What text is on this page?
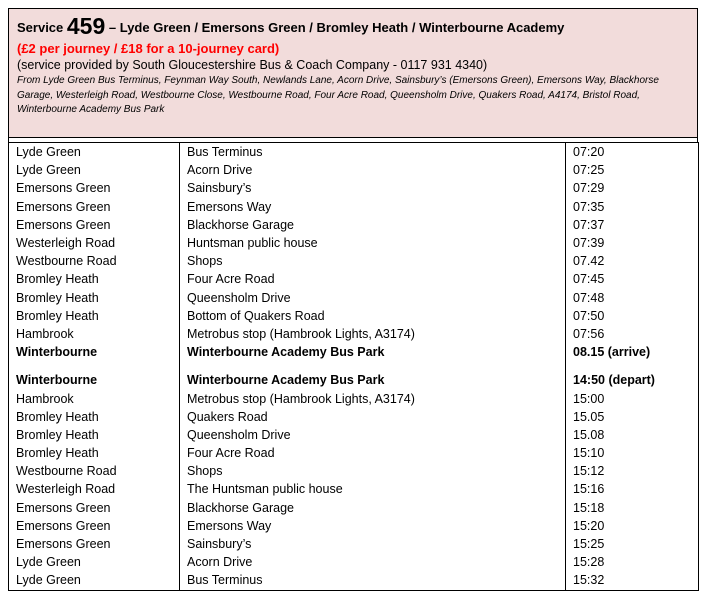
Service 459 – Lyde Green / Emersons Green / Bromley Heath / Winterbourne Academy
(£2 per journey / £18 for a 10-journey card)
(service provided by South Gloucestershire Bus & Coach Company - 0117 931 4340)
From Lyde Green Bus Terminus, Feynman Way South, Newlands Lane, Acorn Drive, Sainsbury’s (Emersons Green), Emersons Way, Blackhorse Garage, Westerleigh Road, Westbourne Close, Westbourne Road, Four Acre Road, Queensholm Drive, Quakers Road, A4174, Bristol Road, Winterbourne Academy Bus Park
Lyde Green	Bus Terminus	07:20
Lyde Green	Acorn Drive	07:25
Emersons Green	Sainsbury’s	07:29
Emersons Green	Emersons Way	07:35
Emersons Green	Blackhorse Garage	07:37
Westerleigh Road	Huntsman public house	07:39
Westbourne Road	Shops	07.42
Bromley Heath	Four Acre Road	07:45
Bromley Heath	Queensholm Drive	07:48
Bromley Heath	Bottom of Quakers Road	07:50
Hambrook	Metrobus stop (Hambrook Lights, A3174)	07:56
Winterbourne	Winterbourne Academy Bus Park	08.15 (arrive)

Winterbourne	Winterbourne Academy Bus Park	14:50 (depart)
Hambrook	Metrobus stop (Hambrook Lights, A3174)	15:00
Bromley Heath	Quakers Road	15.05
Bromley Heath	Queensholm Drive	15.08
Bromley Heath	Four Acre Road	15:10
Westbourne Road	Shops	15:12
Westerleigh Road	The Huntsman public house	15:16
Emersons Green	Blackhorse Garage	15:18
Emersons Green	Emersons Way	15:20
Emersons Green	Sainsbury’s	15:25
Lyde Green	Acorn Drive	15:28
Lyde Green	Bus Terminus	15:32
